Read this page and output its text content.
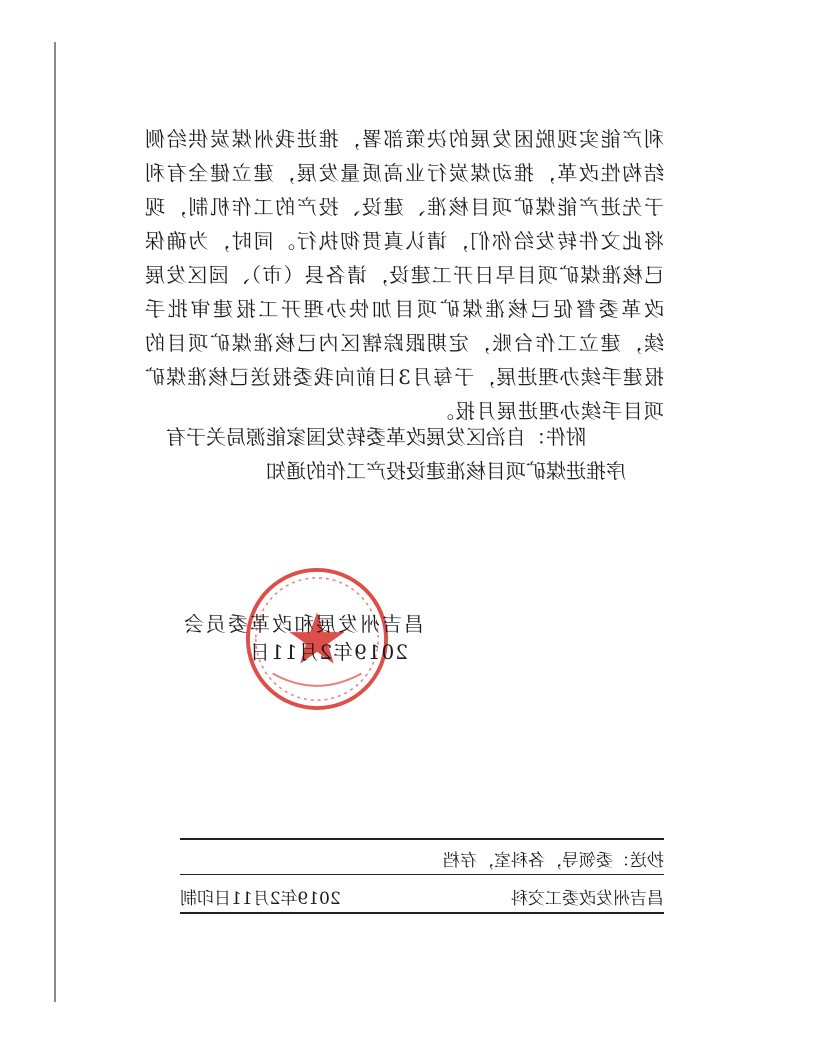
利产能实现脱困发展的决策部署，推进我州煤炭供给侧结构性改革，推动煤炭行业高质量发展，建立健全有利于先进产能煤矿项目核准、建设、投产的工作机制，现将此文件转发给你们，请认真贯彻执行。同时，为确保已核准煤矿项目早日开工建设，请各县（市）、园区发展改革委督促已核准煤矿项目加快办理开工报建审批手续，建立工作台账，定期跟踪辖区内已核准煤矿项目的报建手续办理进展，于每月3日前向我委报送已核准煤矿项目手续办理进展月报。

附件：自治区发展改革委转发国家能源局关于有序推进煤矿项目核准建设投产工作的通知

昌吉州发展和改革委员会
2019年2月11日
抄送：委领导，各科室，存档
昌吉州发改委工交科
2019年2月11日印制
